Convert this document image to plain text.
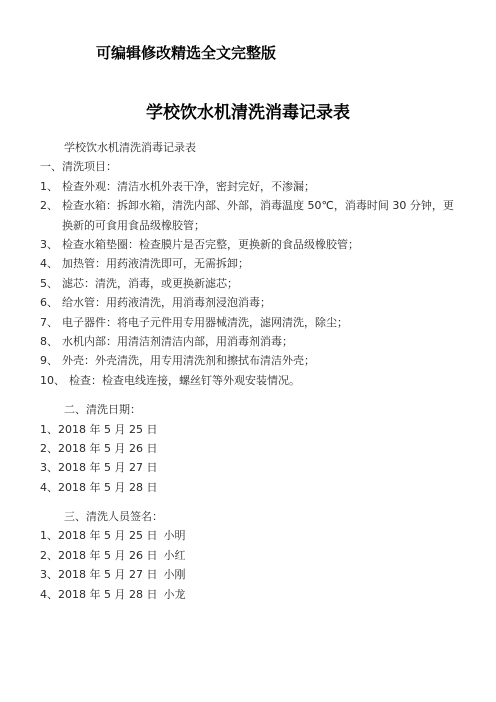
可编辑修改精选全文完整版
学校饮水机清洗消毒记录表
学校饮水机清洗消毒记录表
一、清洗项目：
1、 检查外观：清洁水机外表干净，密封完好，不渗漏；
2、 检查水箱：拆卸水箱，清洗内部、外部，消毒温度 50℃，消毒时间 30 分钟，更换新的可食用食品级橡胶管；
3、 检查水箱垫圈：检查膜片是否完整，更换新的食品级橡胶管；
4、 加热管：用药液清洗即可，无需拆卸；
5、 滤芯：清洗，消毒，或更换新滤芯；
6、 给水管：用药液清洗，用消毒剂浸泡消毒；
7、 电子器件：将电子元件用专用器械清洗，滤网清洗，除尘；
8、 水机内部：用清洁剂清洁内部，用消毒剂消毒；
9、 外壳：外壳清洗，用专用清洗剂和擦拭布清洁外壳；
10、 检查：检查电线连接，螺丝钉等外观安装情况。
二、清洗日期：
1、2018 年 5 月 25 日
2、2018 年 5 月 26 日
3、2018 年 5 月 27 日
4、2018 年 5 月 28 日
三、清洗人员签名：
1、2018 年 5 月 25 日 小明
2、2018 年 5 月 26 日 小红
3、2018 年 5 月 27 日 小刚
4、2018 年 5 月 28 日 小龙
